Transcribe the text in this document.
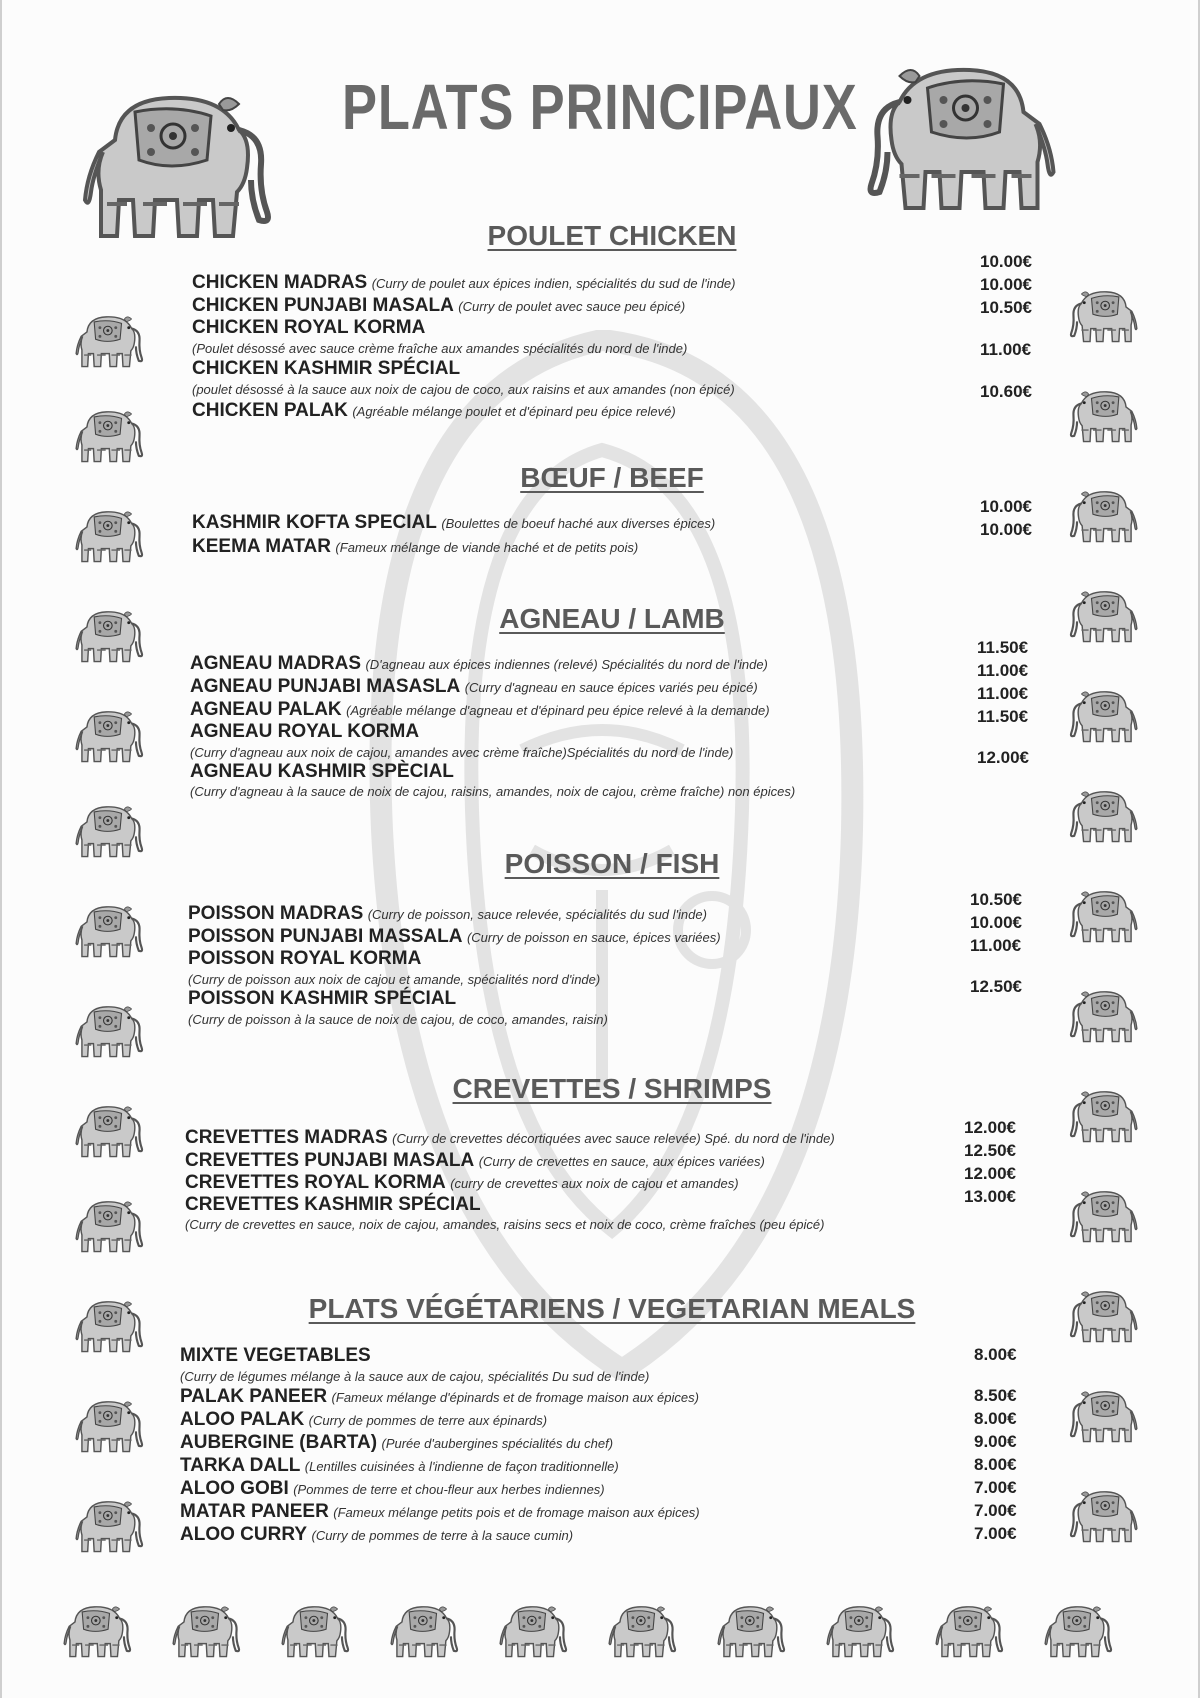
PLATS PRINCIPAUX
POULET CHICKEN
CHICKEN MADRAS (Curry de poulet aux épices indien, spécialités du sud de l'inde)
10.00€
CHICKEN PUNJABI MASALA (Curry de poulet avec sauce peu épicé)
10.00€
CHICKEN ROYAL KORMA
(Poulet désossé avec sauce crème fraîche aux amandes spécialités du nord de l'inde)
10.50€
CHICKEN KASHMIR SPÉCIAL
(poulet désossé à la sauce aux noix de cajou de coco, aux raisins et aux amandes (non épicé)
11.00€
CHICKEN PALAK (Agréable mélange poulet et d'épinard peu épice relevé)
10.60€
BŒUF / BEEF
KASHMIR KOFTA SPECIAL (Boulettes de boeuf haché aux diverses épices)
10.00€
KEEMA MATAR (Fameux mélange de viande haché et de petits pois)
10.00€
AGNEAU / LAMB
AGNEAU MADRAS (D'agneau aux épices indiennes (relevé) Spécialités du nord de l'inde)
11.50€
AGNEAU PUNJABI MASASLA (Curry d'agneau en sauce épices variés peu épicé)
11.00€
AGNEAU PALAK (Agréable mélange d'agneau et d'épinard peu épice relevé à la demande)
11.00€
AGNEAU ROYAL KORMA
(Curry d'agneau aux noix de cajou, amandes avec crème fraîche)Spécialités du nord de l'inde)
11.50€
AGNEAU KASHMIR SPÈCIAL
(Curry d'agneau à la sauce de noix de cajou, raisins, amandes, noix de cajou, crème fraîche) non épices)
12.00€
POISSON / FISH
POISSON MADRAS (Curry de poisson, sauce relevée, spécialités du sud l'inde)
10.50€
POISSON PUNJABI MASSALA (Curry de poisson en sauce, épices variées)
10.00€
POISSON ROYAL KORMA
(Curry de poisson aux noix de cajou et amande, spécialités nord d'inde)
11.00€
POISSON KASHMIR SPÉCIAL
(Curry de poisson à la sauce de noix de cajou, de coco, amandes, raisin)
12.50€
CREVETTES / SHRIMPS
CREVETTES MADRAS (Curry de crevettes décortiquées avec sauce relevée) Spé. du nord de l'inde)
12.00€
CREVETTES PUNJABI MASALA (Curry de crevettes en sauce, aux épices variées)
12.50€
CREVETTES ROYAL KORMA (curry de crevettes aux noix de cajou et amandes)
12.00€
CREVETTES KASHMIR SPÉCIAL
(Curry de crevettes en sauce, noix de cajou, amandes, raisins secs et noix de coco, crème fraîches (peu épicé)
13.00€
PLATS VÉGÉTARIENS / VEGETARIAN MEALS
MIXTE VEGETABLES
(Curry de légumes mélange à la sauce aux de cajou, spécialités Du sud de l'inde)
8.00€
PALAK PANEER (Fameux mélange d'épinards et de fromage maison aux épices)	8.50€
ALOO PALAK (Curry de pommes de terre aux épinards)	8.00€
AUBERGINE (BARTA) (Purée d'aubergines spécialités du chef)	9.00€
TARKA DALL (Lentilles cuisinées à l'indienne de façon traditionnelle)	8.00€
ALOO GOBI (Pommes de terre et chou-fleur aux herbes indiennes)	7.00€
MATAR PANEER (Fameux mélange petits pois et de fromage maison aux épices)	7.00€
ALOO CURRY (Curry de pommes de terre à la sauce cumin)	7.00€
